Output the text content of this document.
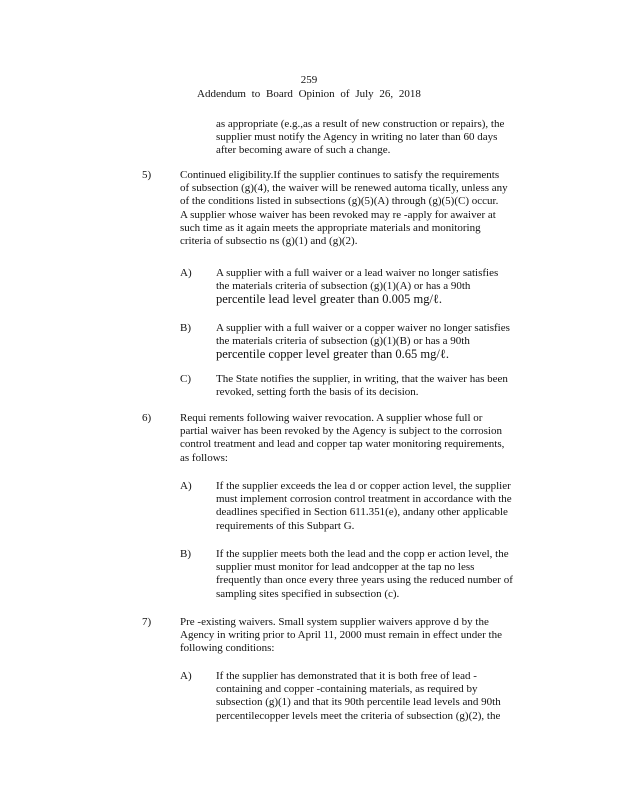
259
Addendum to Board Opinion of July 26, 2018
as appropriate (e.g.,as a result of new construction or repairs), the
supplier must notify the Agency in writing no later than 60 days
after becoming aware of such a change.
5)	Continued eligibility.If the supplier continues to satisfy the requirements
of subsection (g)(4), the waiver will be renewed automa tically, unless any
of the conditions listed in subsections (g)(5)(A) through (g)(5)(C) occur.
A supplier whose waiver has been revoked may re -apply for awaiver at
such time as it again meets the appropriate materials and monitoring
criteria of subsectio ns (g)(1) and (g)(2).
A) A supplier with a full waiver or a lead waiver no longer satisfies
the materials criteria of subsection (g)(1)(A) or has a 90th
percentile lead level greater than 0.005 mg/ℓ.
B) A supplier with a full waiver or a copper waiver no longer satisfies
the materials criteria of subsection (g)(1)(B) or has a 90th
percentile copper level greater than 0.65 mg/ℓ.
C) The State notifies the supplier, in writing, that the waiver has been
revoked, setting forth the basis of its decision.
6)	Requi rements following waiver revocation. A supplier whose full or
partial waiver has been revoked by the Agency is subject to the corrosion
control treatment and lead and copper tap water monitoring requirements,
as follows:
A) If the supplier exceeds the lea d or copper action level, the supplier
must implement corrosion control treatment in accordance with the
deadlines specified in Section 611.351(e), andany other applicable
requirements of this Subpart G.
B) If the supplier meets both the lead and the copp er action level, the
supplier must monitor for lead andcopper at the tap no less
frequently than once every three years using the reduced number of
sampling sites specified in subsection (c).
7)	Pre -existing waivers. Small system supplier waivers approve d by the
Agency in writing prior to April 11, 2000 must remain in effect under the
following conditions:
A) If the supplier has demonstrated that it is both free of lead -
containing and copper -containing materials, as required by
subsection (g)(1) and that its 90th percentile lead levels and 90th
percentilecopper levels meet the criteria of subsection (g)(2), the
